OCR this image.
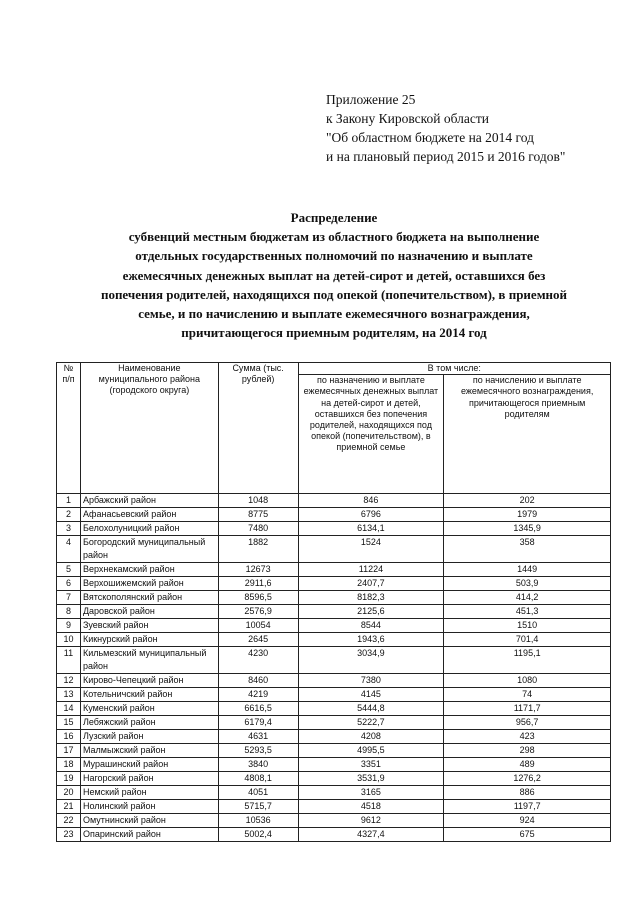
Приложение 25
к Закону Кировской области
"Об областном бюджете на 2014 год
и на плановый период 2015 и 2016 годов"
Распределение
субвенций местным бюджетам из областного бюджета на выполнение
отдельных государственных полномочий по назначению и выплате
ежемесячных денежных выплат на детей-сирот и детей, оставшихся без
попечения родителей, находящихся под опекой (попечительством), в приемной
семье, и по начислению и выплате ежемесячного вознаграждения,
причитающегося приемным родителям, на 2014 год
№ п/п	Наименование муниципального района (городского округа)	Сумма (тыс. рублей)	В том числе:	
			по назначению и выплате ежемесячных денежных выплат на детей-сирот и детей, оставшихся без попечения родителей, находящихся под опекой (попечительством), в приемной семье	по начислению и выплате ежемесячного вознаграждения, причитающегося приемным родителям
1	Арбажский район	1048	846	202
2	Афанасьевский район	8775	6796	1979
3	Белохолуницкий район	7480	6134,1	1345,9
4	Богородский муниципальный район	1882	1524	358
5	Верхнекамский район	12673	11224	1449
6	Верхошижемский район	2911,6	2407,7	503,9
7	Вятскополянский район	8596,5	8182,3	414,2
8	Даровской район	2576,9	2125,6	451,3
9	Зуевский район	10054	8544	1510
10	Кикнурский район	2645	1943,6	701,4
11	Кильмезский муниципальный район	4230	3034,9	1195,1
12	Кирово-Чепецкий район	8460	7380	1080
13	Котельничский район	4219	4145	74
14	Куменский район	6616,5	5444,8	1171,7
15	Лебяжский район	6179,4	5222,7	956,7
16	Лузский район	4631	4208	423
17	Малмыжский район	5293,5	4995,5	298
18	Мурашинский район	3840	3351	489
19	Нагорский район	4808,1	3531,9	1276,2
20	Немский район	4051	3165	886
21	Нолинский район	5715,7	4518	1197,7
22	Омутнинский район	10536	9612	924
23	Опаринский район	5002,4	4327,4	675
